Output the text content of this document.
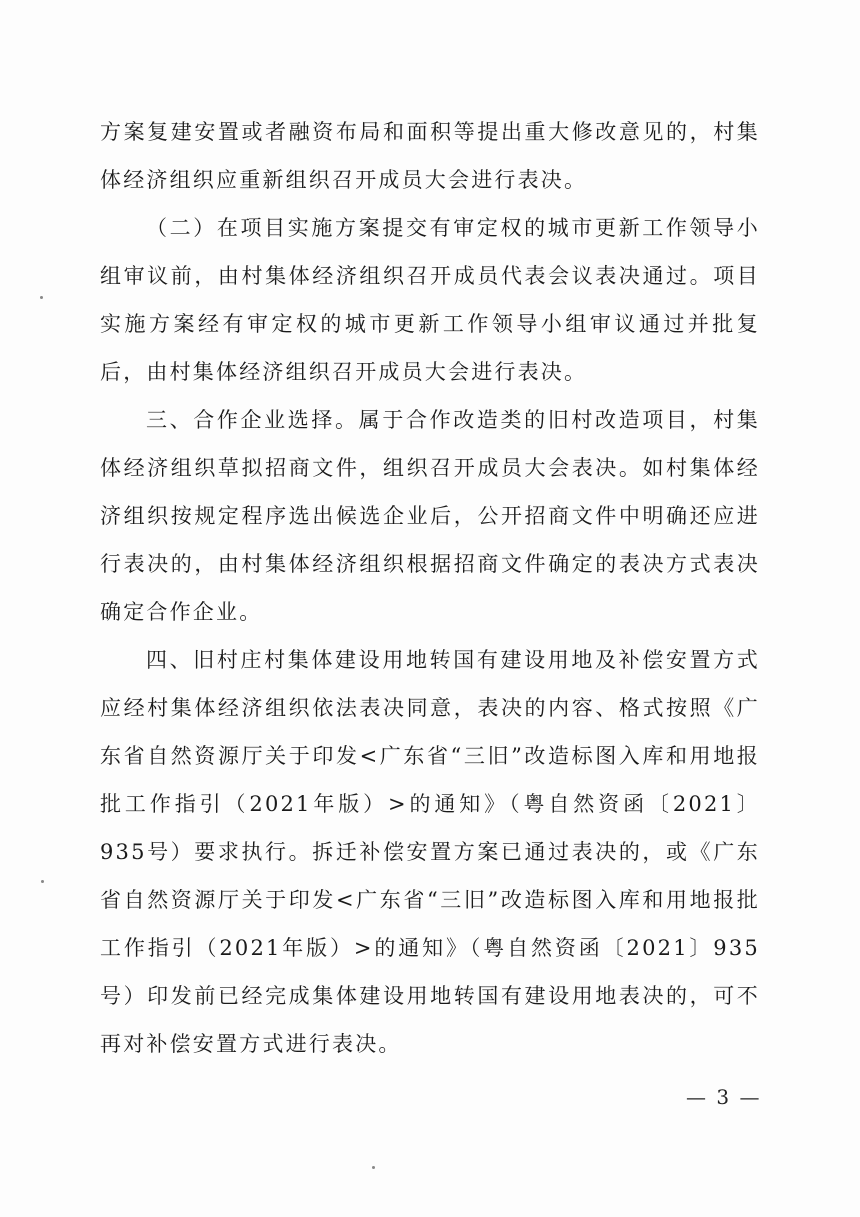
方案复建安置或者融资布局和面积等提出重大修改意见的，村集体经济组织应重新组织召开成员大会进行表决。

（二）在项目实施方案提交有审定权的城市更新工作领导小组审议前，由村集体经济组织召开成员代表会议表决通过。项目实施方案经有审定权的城市更新工作领导小组审议通过并批复后，由村集体经济组织召开成员大会进行表决。

三、合作企业选择。属于合作改造类的旧村改造项目，村集体经济组织草拟招商文件，组织召开成员大会表决。如村集体经济组织按规定程序选出候选企业后，公开招商文件中明确还应进行表决的，由村集体经济组织根据招商文件确定的表决方式表决确定合作企业。

四、旧村庄村集体建设用地转国有建设用地及补偿安置方式应经村集体经济组织依法表决同意，表决的内容、格式按照《广东省自然资源厅关于印发<广东省“三旧”改造标图入库和用地报批工作指引（2021年版）>的通知》（粤自然资函〔2021〕935号）要求执行。拆迁补偿安置方案已通过表决的，或《广东省自然资源厅关于印发<广东省“三旧”改造标图入库和用地报批工作指引（2021年版）>的通知》（粤自然资函〔2021〕935号）印发前已经完成集体建设用地转国有建设用地表决的，可不再对补偿安置方式进行表决。

— 3 —
